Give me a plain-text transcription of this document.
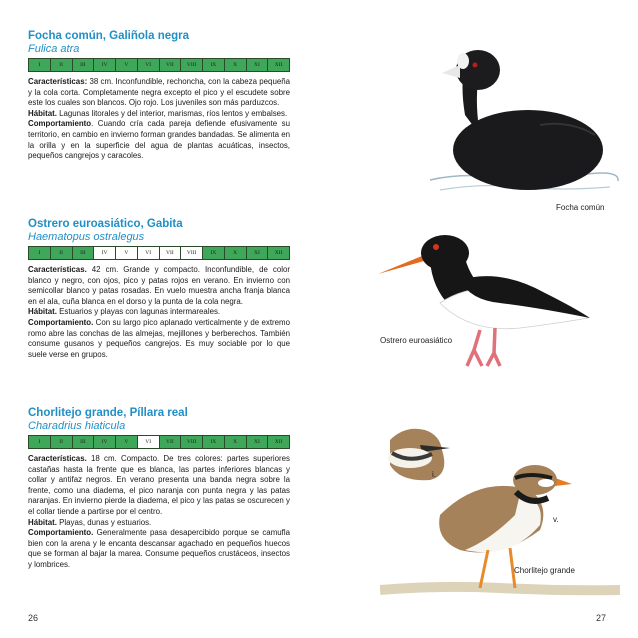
Focha común, Galiñola negra
Fulica atra
I	II	III	IV	V	VI	VII	VIII	IX	X	XI	XII

Características: 38 cm. Inconfundible, rechoncha, con la cabeza pequeña y la cola corta. Completamente negra excepto el pico y el escudete sobre este los cuales son blancos. Ojo rojo. Los juveniles son más parduzcos.

Hábitat. Lagunas litorales y del interior, marismas, ríos lentos y embalses.

Comportamiento. Cuando cría cada pareja defiende efusivamente su territorio, en cambio en invierno forman grandes bandadas. Se alimenta en la orilla y en la superficie del agua de plantas acuáticas, insectos, pequeños cangrejos y caracoles.

Ostrero euroasiático, Gabita
Haematopus ostralegus
I	II	III	IV	V	VI	VII	VIII	IX	X	XI	XII

Características. 42 cm. Grande y compacto. Inconfundible, de color blanco y negro, con ojos, pico y patas rojos en verano. En invierno con semicollar blanco y patas rosadas. En vuelo muestra ancha franja blanca en el ala, cuña blanca en el dorso y la punta de la cola negra.

Hábitat. Estuarios y playas con lagunas intermareales.

Comportamiento. Con su largo pico aplanado verticalmente y de extremo romo abre las conchas de las almejas, mejillones y berberechos. También consume gusanos y pequeños cangrejos. Es muy sociable por lo que suele verse en grupos.

Chorlitejo grande, Píllara real
Charadrius hiaticula
I	II	III	IV	V	VI	VII	VIII	IX	X	XI	XII

Características. 18 cm. Compacto. De tres colores: partes superiores castañas hasta la frente que es blanca, las partes inferiores blancas y collar y antifaz negros. En verano presenta una banda negra sobre la frente, como una diadema, el pico naranja con punta negra y las patas naranjas. En invierno pierde la diadema, el pico y las patas se oscurecen y el collar tiende a partirse por el centro.

Hábitat. Playas, dunas y estuarios.

Comportamiento. Generalmente pasa desapercibido porque se camufla bien con la arena y le encanta descansar agachado en pequeños huecos que se forman al bajar la marea. Consume pequeños crustáceos, insectos y lombrices.

Focha común
Ostrero euroasiático
i.
v.
Chorlitejo grande
26	27
